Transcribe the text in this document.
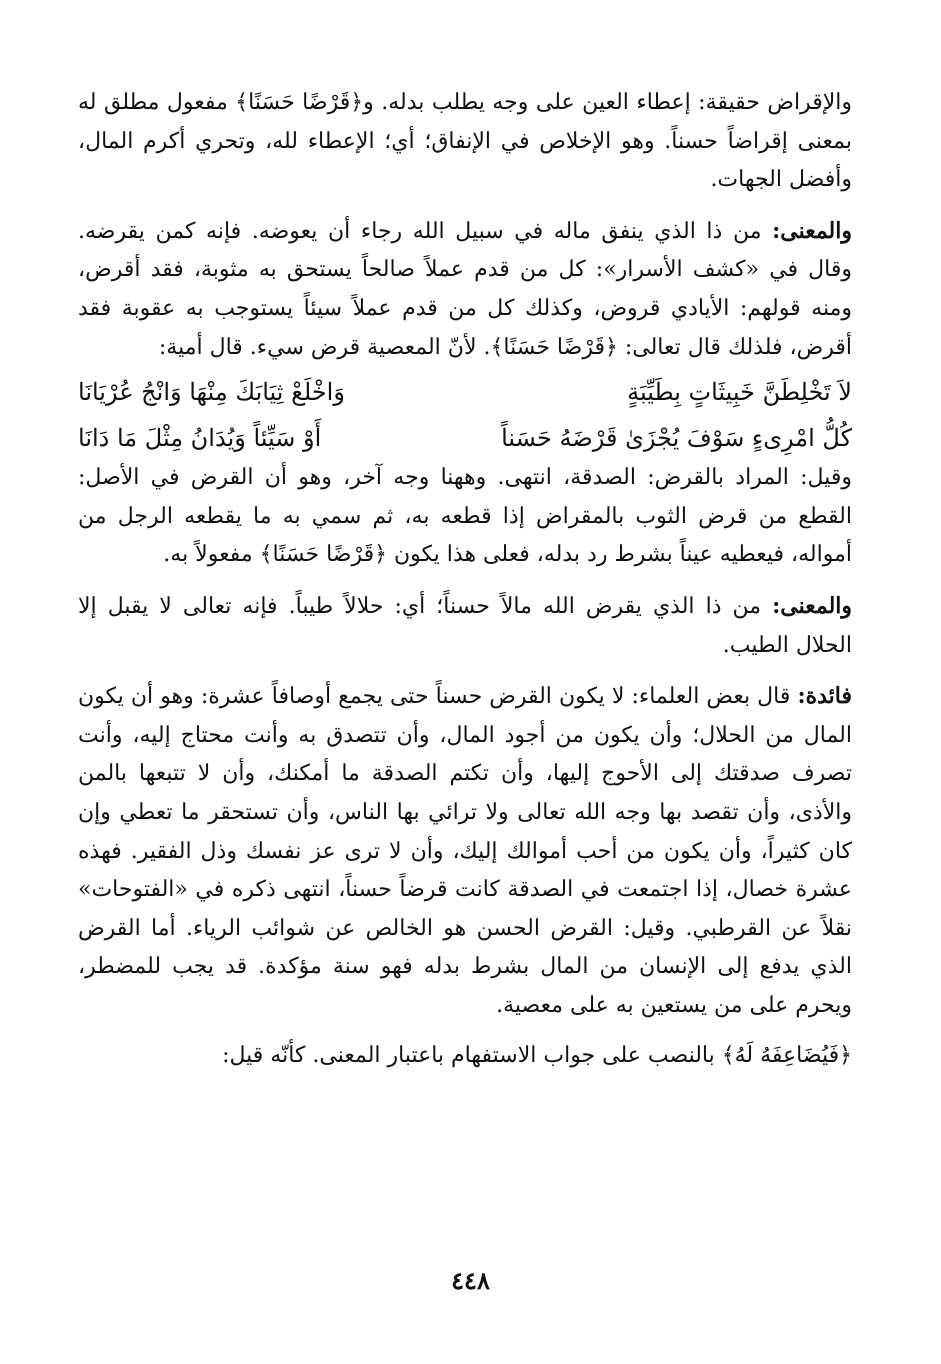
والإقراض حقيقة: إعطاء العين على وجه يطلب بدله. و﴿قَرْضًا حَسَنًا﴾ مفعول مطلق له بمعنى إقراضاً حسناً. وهو الإخلاص في الإنفاق؛ أي؛ الإعطاء لله، وتحري أكرم المال، وأفضل الجهات.

والمعنى: من ذا الذي ينفق ماله في سبيل الله رجاء أن يعوضه. فإنه كمن يقرضه. وقال في «كشف الأسرار»: كل من قدم عملاً صالحاً يستحق به مثوبة، فقد أقرض، ومنه قولهم: الأيادي قروض، وكذلك كل من قدم عملاً سيئاً يستوجب به عقوبة فقد أقرض، فلذلك قال تعالى: ﴿قَرْضًا حَسَنًا﴾. لأنّ المعصية قرض سيء. قال أمية:

لاَ تَخْلِطَنَّ خَبِيثَاتٍ بِطَيِّبَةٍ
وَاخْلَعْ ثِيَابَكَ مِنْهَا وَانْجُ عُرْيَانَا
كُلُّ امْرِىءٍ سَوْفَ يُجْزَىٰ قَرْضَهُ حَسَناً
أَوْ سَيِّئاً وَيُدَانُ مِثْلَ مَا دَانَا

وقيل: المراد بالقرض: الصدقة، انتهى. وههنا وجه آخر، وهو أن القرض في الأصل: القطع من قرض الثوب بالمقراض إذا قطعه به، ثم سمي به ما يقطعه الرجل من أمواله، فيعطيه عيناً بشرط رد بدله، فعلى هذا يكون ﴿قَرْضًا حَسَنًا﴾ مفعولاً به.

والمعنى: من ذا الذي يقرض الله مالاً حسناً؛ أي: حلالاً طيباً. فإنه تعالى لا يقبل إلا الحلال الطيب.

فائدة: قال بعض العلماء: لا يكون القرض حسناً حتى يجمع أوصافاً عشرة: وهو أن يكون المال من الحلال؛ وأن يكون من أجود المال، وأن تتصدق به وأنت محتاج إليه، وأنت تصرف صدقتك إلى الأحوج إليها، وأن تكتم الصدقة ما أمكنك، وأن لا تتبعها بالمن والأذى، وأن تقصد بها وجه الله تعالى ولا ترائي بها الناس، وأن تستحقر ما تعطي وإن كان كثيراً، وأن يكون من أحب أموالك إليك، وأن لا ترى عز نفسك وذل الفقير. فهذه عشرة خصال، إذا اجتمعت في الصدقة كانت قرضاً حسناً، انتهى ذكره في «الفتوحات» نقلاً عن القرطبي. وقيل: القرض الحسن هو الخالص عن شوائب الرياء. أما القرض الذي يدفع إلى الإنسان من المال بشرط بدله فهو سنة مؤكدة. قد يجب للمضطر، ويحرم على من يستعين به على معصية.

﴿فَيُضَاعِفَهُ لَهُ﴾ بالنصب على جواب الاستفهام باعتبار المعنى. كأنّه قيل:

٤٤٨
